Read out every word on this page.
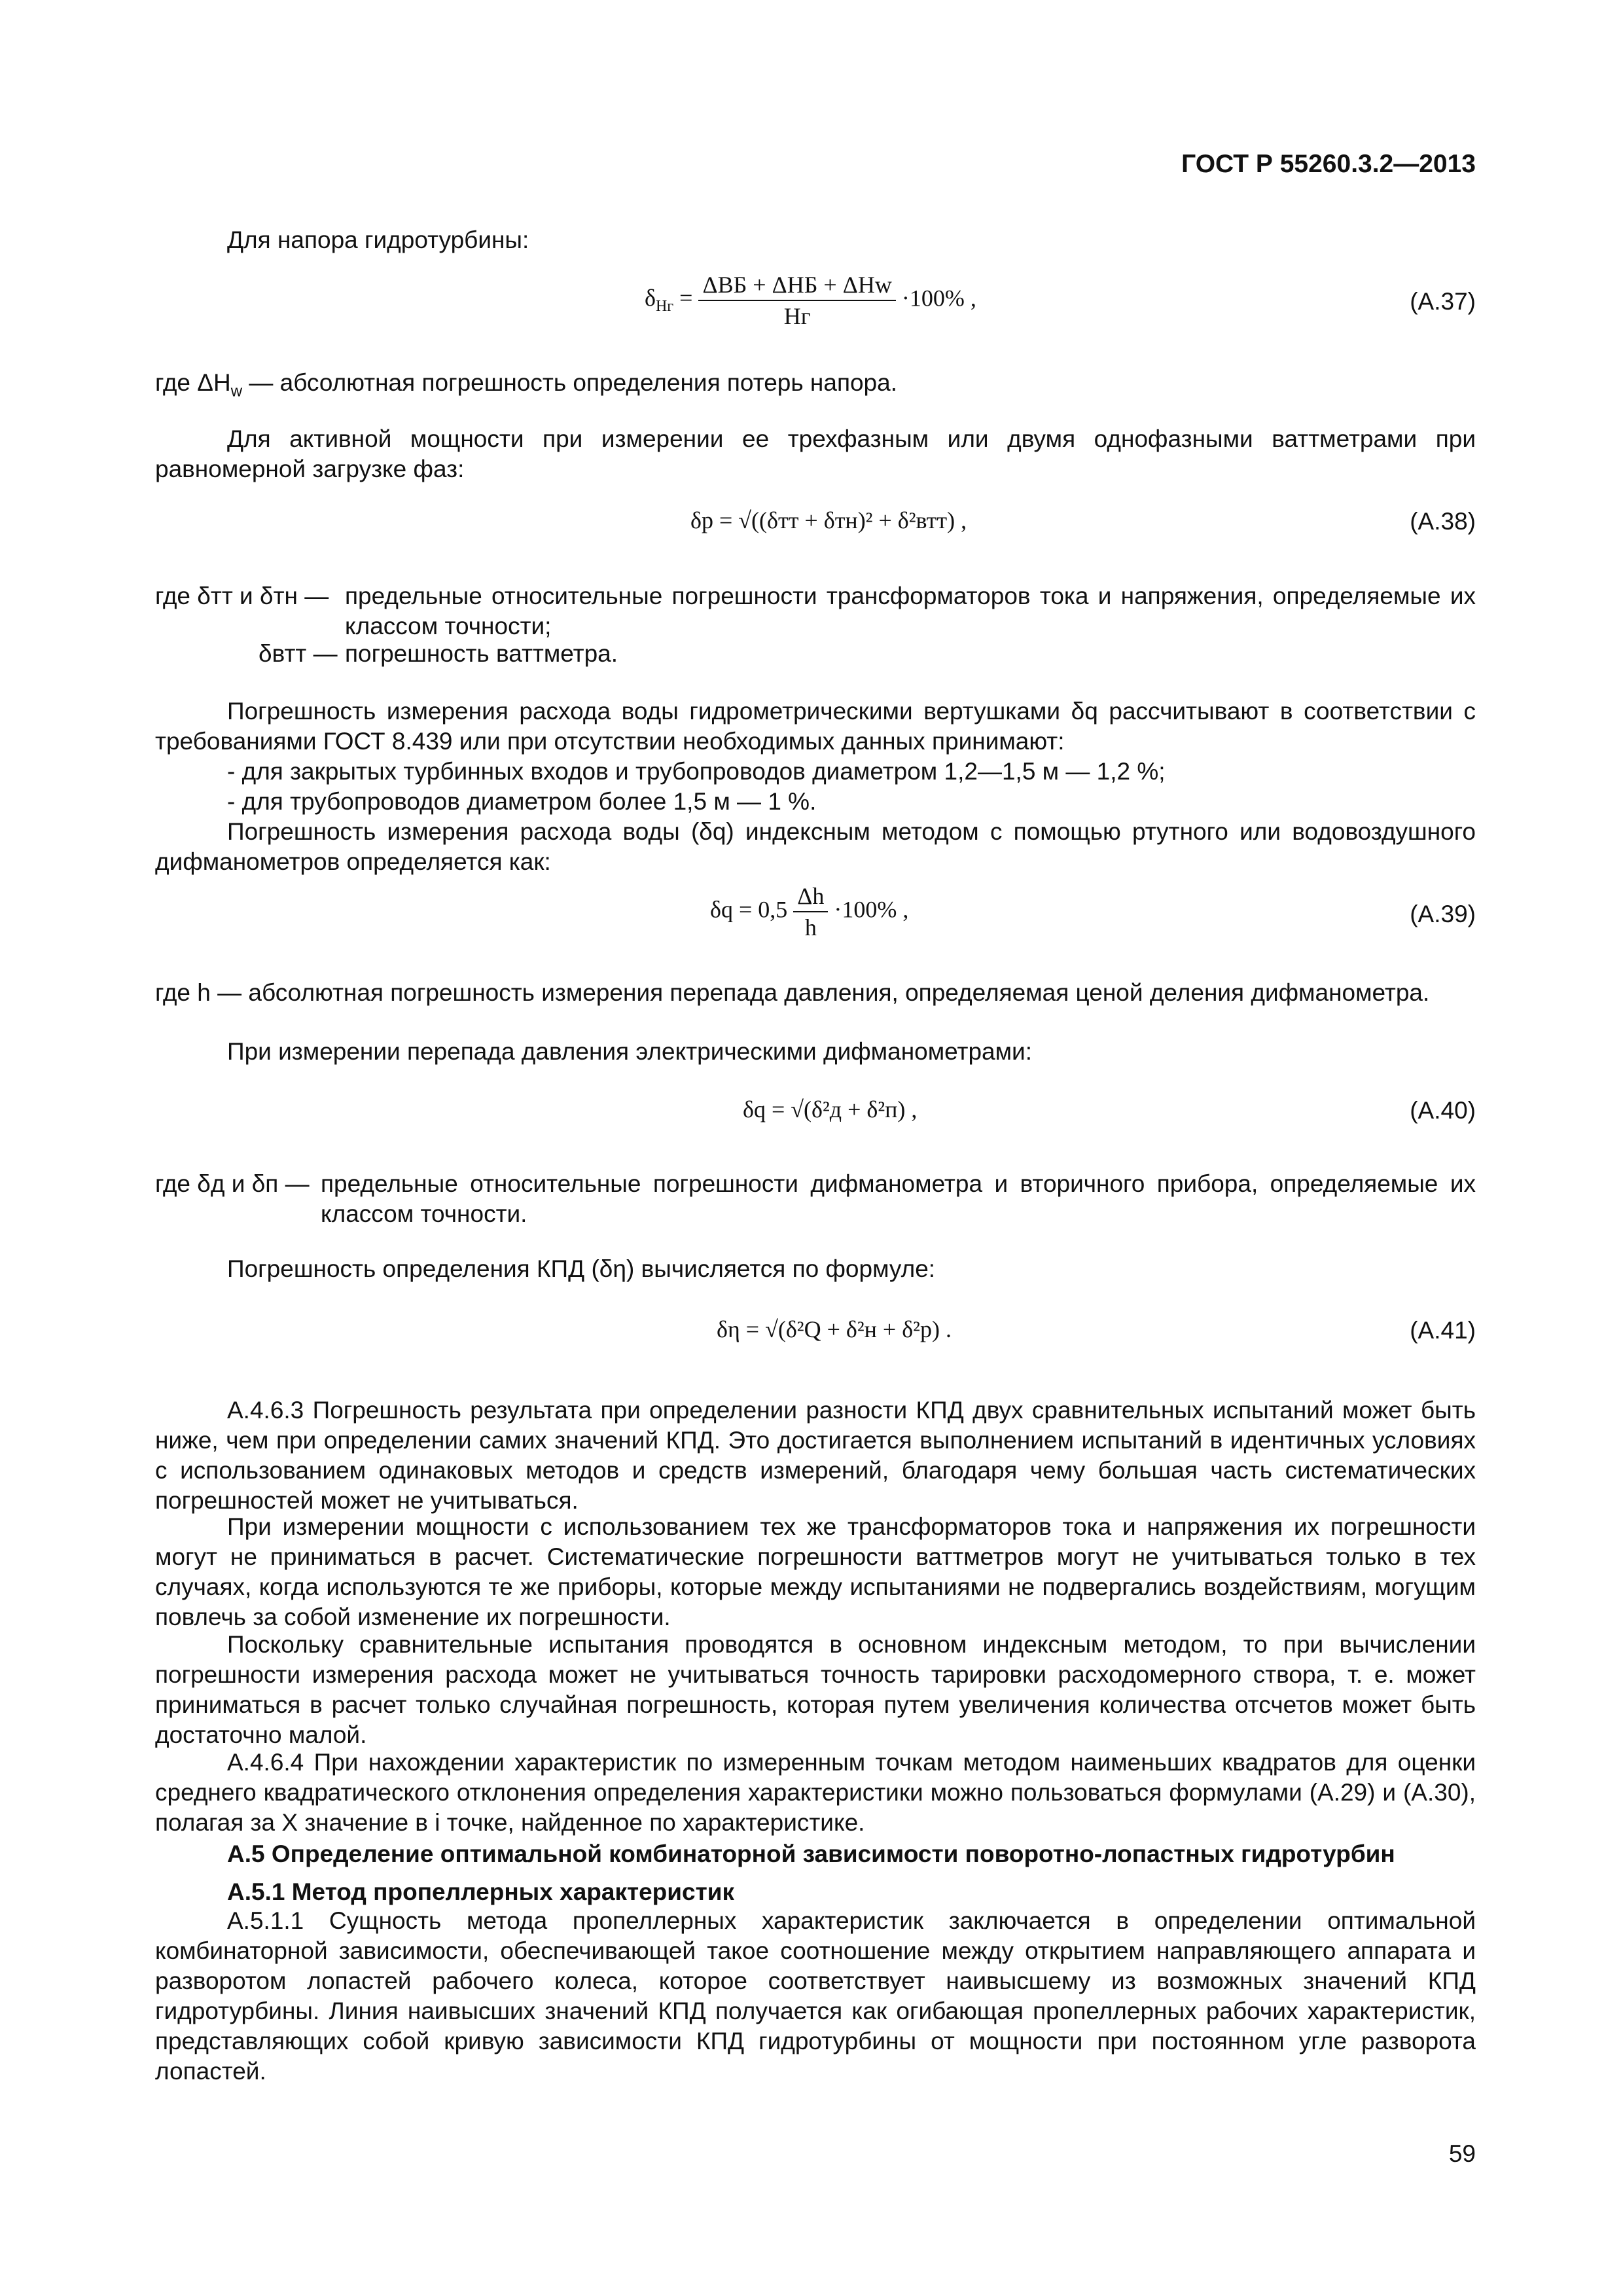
ГОСТ Р 55260.3.2—2013
Для напора гидротурбины:
$\delta_{Hг} = \frac{\text{ΔВБ + ΔНБ + ΔHw}}{Hг} \cdot 100\%$ ,	(А.37)
где $\Delta H_w$ — абсолютная погрешность определения потерь напора.
Для активной мощности при измерении ее трехфазным или двумя однофазными ваттметрами при равномерной загрузке фаз:
δр = √((δтт + δтн)² + δ²втт) ,	(А.38)
где δтт и δтн — предельные относительные погрешности трансформаторов тока и напряжения, определяемые их классом точности;
δвтт — погрешность ваттметра.
Погрешность измерения расхода воды гидрометрическими вертушками δq рассчитывают в соответствии с требованиями ГОСТ 8.439 или при отсутствии необходимых данных принимают:
- для закрытых турбинных входов и трубопроводов диаметром 1,2—1,5 м — 1,2 %;
- для трубопроводов диаметром более 1,5 м — 1 %.
Погрешность измерения расхода воды (δq) индексным методом с помощью ртутного или водовоздушного дифманометров определяется как:
$\delta q = 0,5 \frac{\Delta h}{h} \cdot 100\%$ ,	(А.39)
где h — абсолютная погрешность измерения перепада давления, определяемая ценой деления дифманометра.
При измерении перепада давления электрическими дифманометрами:
δq = √(δ²д + δ²п) ,	(А.40)
где δд и δп — предельные относительные погрешности дифманометра и вторичного прибора, определяемые их классом точности.
Погрешность определения КПД (δη) вычисляется по формуле:
δη = √(δ²Q + δ²н + δ²р) .	(А.41)
А.4.6.3 Погрешность результата при определении разности КПД двух сравнительных испытаний может быть ниже, чем при определении самих значений КПД. Это достигается выполнением испытаний в идентичных условиях с использованием одинаковых методов и средств измерений, благодаря чему большая часть систематических погрешностей может не учитываться.
При измерении мощности с использованием тех же трансформаторов тока и напряжения их погрешности могут не приниматься в расчет. Систематические погрешности ваттметров могут не учитываться только в тех случаях, когда используются те же приборы, которые между испытаниями не подвергались воздействиям, могущим повлечь за собой изменение их погрешности.
Поскольку сравнительные испытания проводятся в основном индексным методом, то при вычислении погрешности измерения расхода может не учитываться точность тарировки расходомерного створа, т. е. может приниматься в расчет только случайная погрешность, которая путем увеличения количества отсчетов может быть достаточно малой.
А.4.6.4 При нахождении характеристик по измеренным точкам методом наименьших квадратов для оценки среднего квадратического отклонения определения характеристики можно пользоваться формулами (А.29) и (А.30), полагая за X значение в i точке, найденное по характеристике.
А.5 Определение оптимальной комбинаторной зависимости поворотно-лопастных гидротурбин
А.5.1 Метод пропеллерных характеристик
А.5.1.1 Сущность метода пропеллерных характеристик заключается в определении оптимальной комбинаторной зависимости, обеспечивающей такое соотношение между открытием направляющего аппарата и разворотом лопастей рабочего колеса, которое соответствует наивысшему из возможных значений КПД гидротурбины. Линия наивысших значений КПД получается как огибающая пропеллерных рабочих характеристик, представляющих собой кривую зависимости КПД гидротурбины от мощности при постоянном угле разворота лопастей.
59
